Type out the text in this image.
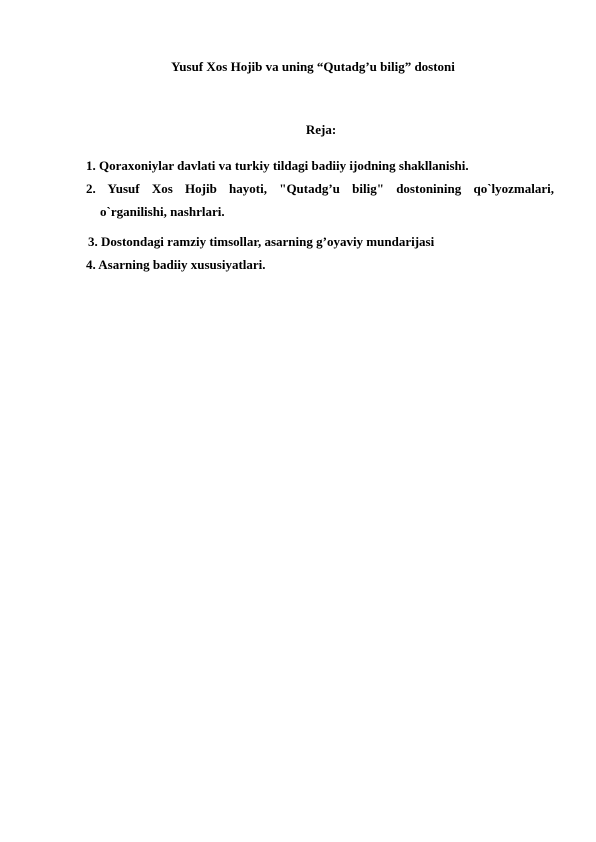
Yusuf Xos Hojib va uning “Qutadg’u bilig” dostoni
Reja:
1. Qoraxoniylar davlati va turkiy tildagi badiiy ijodning shakllanishi.
2. Yusuf Xos Hojib hayoti, "Qutadg’u bilig" dostonining qo`lyozmalari,
o`rganilishi, nashrlari.
3. Dostondagi ramziy timsollar, asarning g’oyaviy mundarijasi
4. Asarning badiiy xususiyatlari.
